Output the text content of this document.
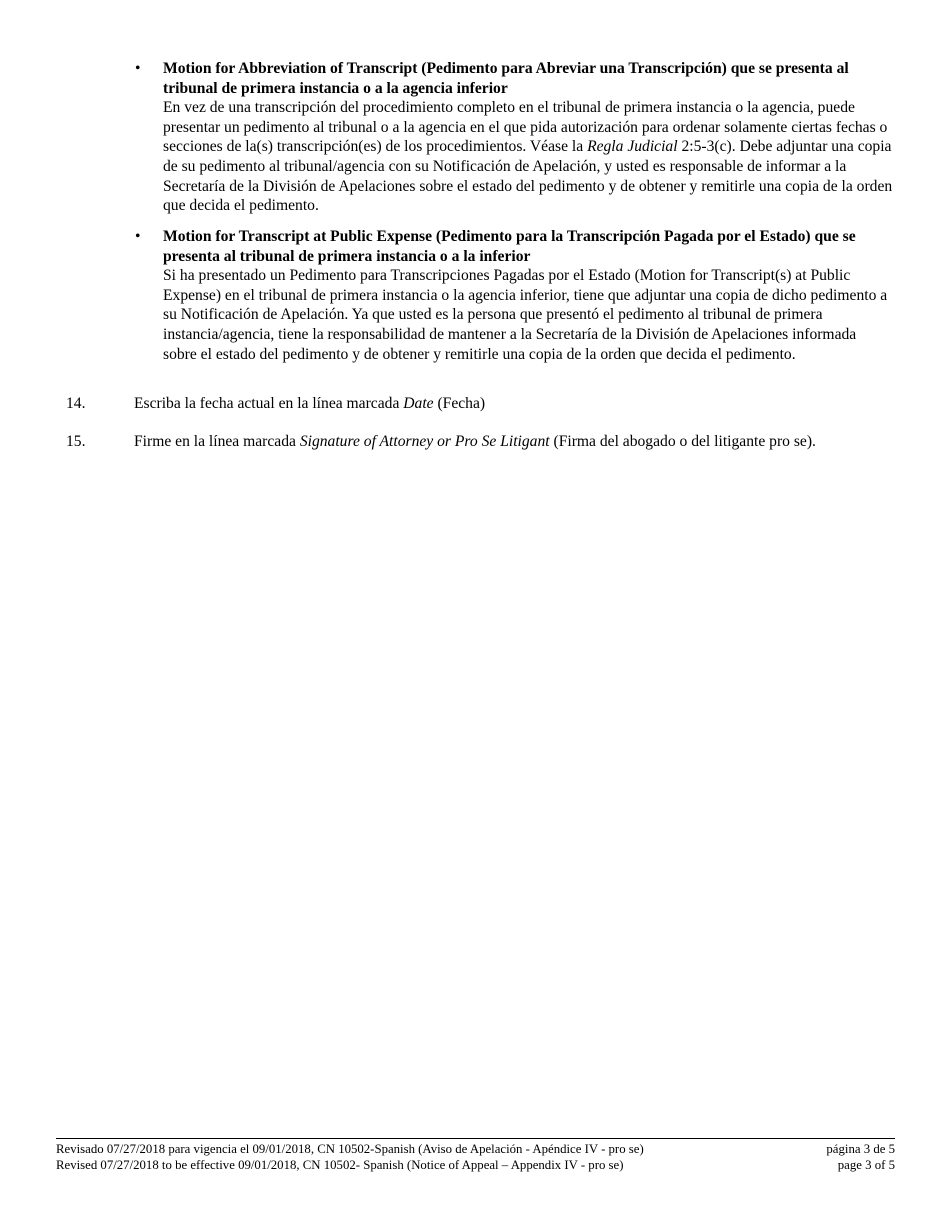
• Motion for Abbreviation of Transcript (Pedimento para Abreviar una Transcripción) que se presenta al tribunal de primera instancia o a la agencia inferior
En vez de una transcripción del procedimiento completo en el tribunal de primera instancia o la agencia, puede presentar un pedimento al tribunal o a la agencia en el que pida autorización para ordenar solamente ciertas fechas o secciones de la(s) transcripción(es) de los procedimientos. Véase la Regla Judicial 2:5-3(c). Debe adjuntar una copia de su pedimento al tribunal/agencia con su Notificación de Apelación, y usted es responsable de informar a la Secretaría de la División de Apelaciones sobre el estado del pedimento y de obtener y remitirle una copia de la orden que decida el pedimento.
• Motion for Transcript at Public Expense (Pedimento para la Transcripción Pagada por el Estado) que se presenta al tribunal de primera instancia o a la inferior
Si ha presentado un Pedimento para Transcripciones Pagadas por el Estado (Motion for Transcript(s) at Public Expense) en el tribunal de primera instancia o la agencia inferior, tiene que adjuntar una copia de dicho pedimento a su Notificación de Apelación. Ya que usted es la persona que presentó el pedimento al tribunal de primera instancia/agencia, tiene la responsabilidad de mantener a la Secretaría de la División de Apelaciones informada sobre el estado del pedimento y de obtener y remitirle una copia de la orden que decida el pedimento.
14.	Escriba la fecha actual en la línea marcada Date (Fecha)
15.	Firme en la línea marcada Signature of Attorney or Pro Se Litigant (Firma del abogado o del litigante pro se).
Revisado 07/27/2018 para vigencia el 09/01/2018, CN 10502-Spanish (Aviso de Apelación - Apéndice IV - pro se)	página 3 de 5
Revised 07/27/2018 to be effective 09/01/2018, CN 10502- Spanish (Notice of Appeal – Appendix IV - pro se)	page 3 of 5
